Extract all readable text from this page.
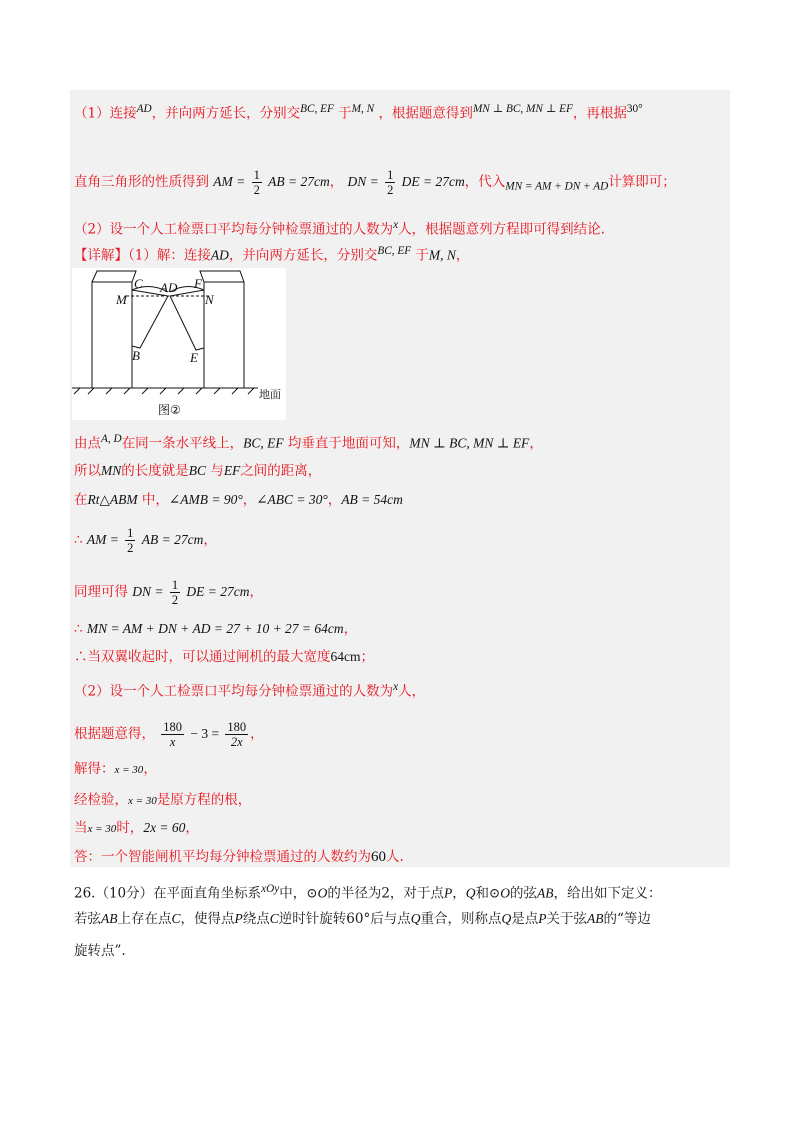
（1）连接$^{AD}$，并向两方延长，分别交$^{BC, EF}$ 于$^{M, N}$ ，根据题意得到$^{MN \perp BC, MN \perp EF}$，再根据$^{30^\circ}$

直角三角形的性质得到 AM = $\frac{1}{2}$ AB = 27cm， DN = $\frac{1}{2}$ DE = 27cm，代入$_{MN = AM + DN + AD}$计算即可；

（2）设一个人工检票口平均每分钟检票通过的人数为$^x$人，根据题意列方程即可得到结论.

【详解】（1）解：连接AD，并向两方延长，分别交$^{BC, EF}$ 于M, N，

C AD F
M	N
B	E
图②
地面

由点$^{A, D}$在同一条水平线上，BC, EF 均垂直于地面可知，MN ⊥ BC, MN ⊥ EF，

所以MN的长度就是BC 与EF之间的距离，

在Rt△ABM 中，∠AMB = 90°，∠ABC = 30°，AB = 54cm

∴ AM = $\frac{1}{2}$ AB = 27cm，

同理可得 DN = $\frac{1}{2}$ DE = 27cm，

∴ MN = AM + DN + AD = 27 + 10 + 27 = 64cm，

∴当双翼收起时，可以通过闸机的最大宽度64cm；

（2）设一个人工检票口平均每分钟检票通过的人数为$^x$人，

根据题意得， $\frac{180}{x} - 3 = \frac{180}{2x}$ ，

解得：x = 30，

经检验，x = 30是原方程的根，

当x = 30时，2x = 60，

答：一个智能闸机平均每分钟检票通过的人数约为60人.

26.（10分）在平面直角坐标系$^{xOy}$中，⊙O的半径为2，对于点P，Q和⊙O的弦AB，给出如下定义：

若弦AB上存在点C，使得点P绕点C逆时针旋转60°后与点Q重合，则称点Q是点P关于弦AB的“等边

旋转点”.
